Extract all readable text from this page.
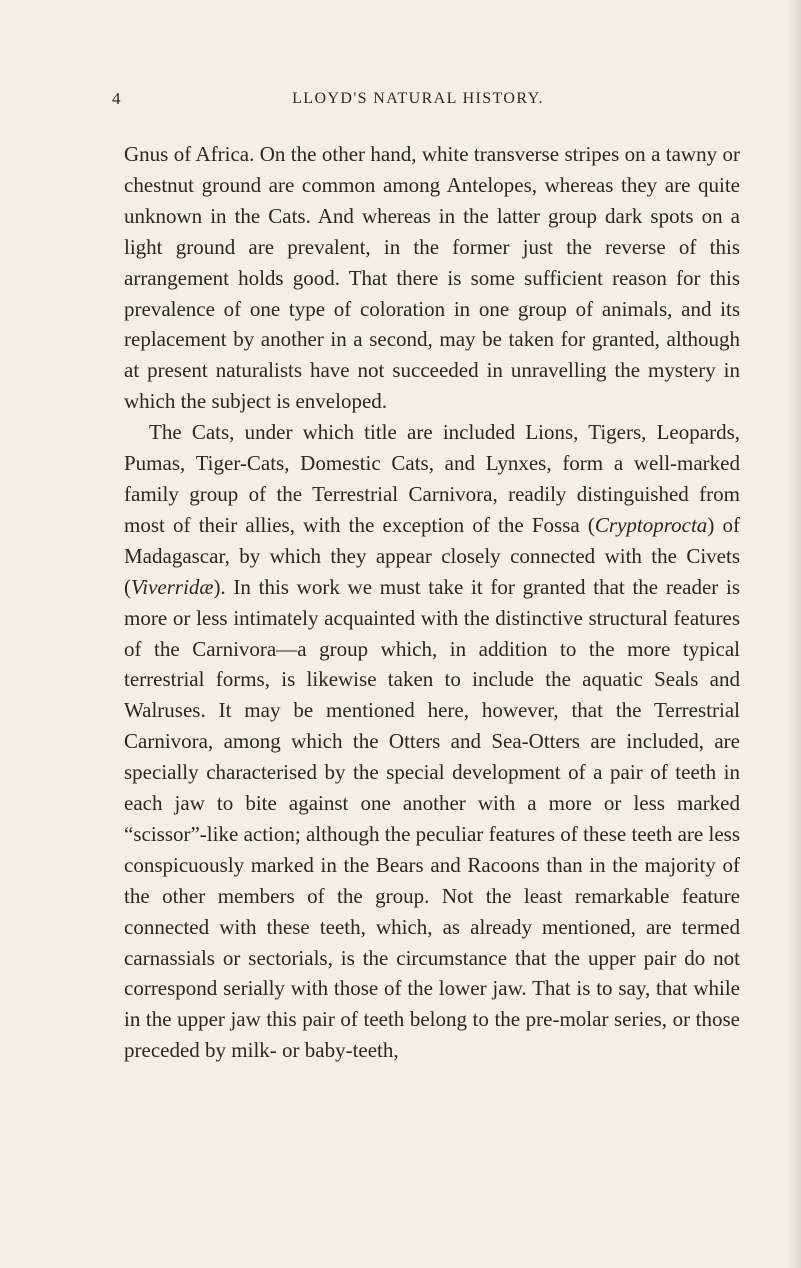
4	LLOYD'S NATURAL HISTORY.

Gnus of Africa. On the other hand, white transverse stripes on a tawny or chestnut ground are common among Antelopes, whereas they are quite unknown in the Cats. And whereas in the latter group dark spots on a light ground are prevalent, in the former just the reverse of this arrangement holds good. That there is some sufficient reason for this prevalence of one type of coloration in one group of animals, and its replacement by another in a second, may be taken for granted, although at present naturalists have not succeeded in unravelling the mystery in which the subject is enveloped.

The Cats, under which title are included Lions, Tigers, Leopards, Pumas, Tiger-Cats, Domestic Cats, and Lynxes, form a well-marked family group of the Terrestrial Carnivora, readily distinguished from most of their allies, with the exception of the Fossa (Cryptoprocta) of Madagascar, by which they appear closely connected with the Civets (Viverridæ). In this work we must take it for granted that the reader is more or less intimately acquainted with the distinctive structural features of the Carnivora—a group which, in addition to the more typical terrestrial forms, is likewise taken to include the aquatic Seals and Walruses. It may be mentioned here, however, that the Terrestrial Carnivora, among which the Otters and Sea-Otters are included, are specially characterised by the special development of a pair of teeth in each jaw to bite against one another with a more or less marked “scissor”-like action; although the peculiar features of these teeth are less conspicuously marked in the Bears and Racoons than in the majority of the other members of the group. Not the least remarkable feature connected with these teeth, which, as already mentioned, are termed carnassials or sectorials, is the circumstance that the upper pair do not correspond serially with those of the lower jaw. That is to say, that while in the upper jaw this pair of teeth belong to the pre-molar series, or those preceded by milk- or baby-teeth,
